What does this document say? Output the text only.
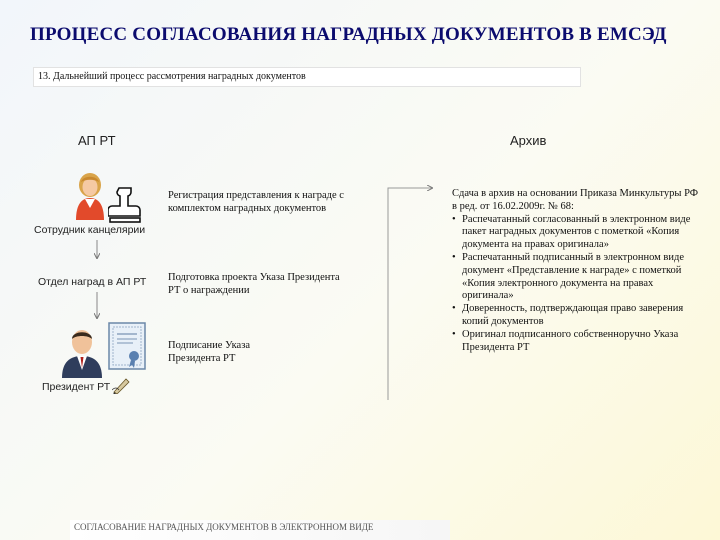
ПРОЦЕСС СОГЛАСОВАНИЯ НАГРАДНЫХ ДОКУМЕНТОВ В ЕМСЭД
13. Дальнейший процесс рассмотрения наградных документов
АП РТ	Архив
Сотрудник канцелярии
Отдел наград в АП РТ
Президент РТ
Регистрация представления к награде с комплектом наградных документов
Подготовка проекта Указа Президента РТ о награждении
Подписание Указа Президента РТ
Сдача в архив на основании Приказа Минкультуры РФ в ред. от 16.02.2009г. № 68:
• Распечатанный согласованный в электронном виде пакет наградных документов с пометкой «Копия документа на правах оригинала»
• Распечатанный подписанный в электронном виде документ «Представление к награде» с пометкой «Копия электронного документа на правах оригинала»
• Доверенность, подтверждающая право заверения копий документов
• Оригинал подписанного собственноручно Указа Президента РТ
СОГЛАСОВАНИЕ НАГРАДНЫХ ДОКУМЕНТОВ В ЭЛЕКТРОННОМ ВИДЕ
